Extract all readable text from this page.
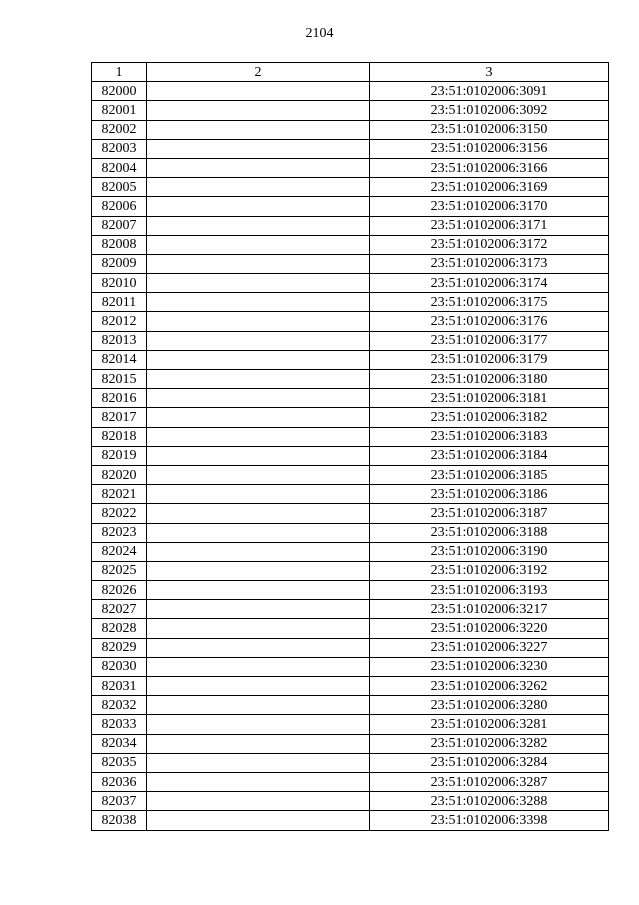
2104
1	2	3
82000		23:51:0102006:3091
82001		23:51:0102006:3092
82002		23:51:0102006:3150
82003		23:51:0102006:3156
82004		23:51:0102006:3166
82005		23:51:0102006:3169
82006		23:51:0102006:3170
82007		23:51:0102006:3171
82008		23:51:0102006:3172
82009		23:51:0102006:3173
82010		23:51:0102006:3174
82011		23:51:0102006:3175
82012		23:51:0102006:3176
82013		23:51:0102006:3177
82014		23:51:0102006:3179
82015		23:51:0102006:3180
82016		23:51:0102006:3181
82017		23:51:0102006:3182
82018		23:51:0102006:3183
82019		23:51:0102006:3184
82020		23:51:0102006:3185
82021		23:51:0102006:3186
82022		23:51:0102006:3187
82023		23:51:0102006:3188
82024		23:51:0102006:3190
82025		23:51:0102006:3192
82026		23:51:0102006:3193
82027		23:51:0102006:3217
82028		23:51:0102006:3220
82029		23:51:0102006:3227
82030		23:51:0102006:3230
82031		23:51:0102006:3262
82032		23:51:0102006:3280
82033		23:51:0102006:3281
82034		23:51:0102006:3282
82035		23:51:0102006:3284
82036		23:51:0102006:3287
82037		23:51:0102006:3288
82038		23:51:0102006:3398
